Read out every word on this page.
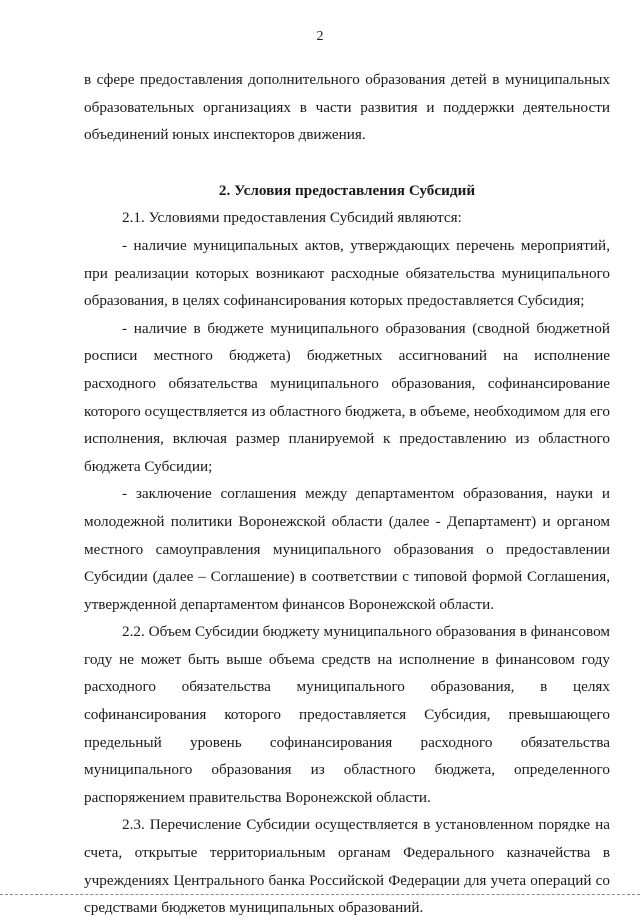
2

в сфере предоставления дополнительного образования детей в муниципальных образовательных организациях в части развития и поддержки деятельности объединений юных инспекторов движения.

2. Условия предоставления Субсидий

2.1. Условиями предоставления Субсидий являются:

- наличие муниципальных актов, утверждающих перечень мероприятий, при реализации которых возникают расходные обязательства муниципального образования, в целях софинансирования которых предоставляется Субсидия;

- наличие в бюджете муниципального образования (сводной бюджетной росписи местного бюджета) бюджетных ассигнований на исполнение расходного обязательства муниципального образования, софинансирование которого осуществляется из областного бюджета, в объеме, необходимом для его исполнения, включая размер планируемой к предоставлению из областного бюджета Субсидии;

- заключение соглашения между департаментом образования, науки и молодежной политики Воронежской области (далее - Департамент) и органом местного самоуправления муниципального образования о предоставлении Субсидии (далее – Соглашение) в соответствии с типовой формой Соглашения, утвержденной департаментом финансов Воронежской области.

2.2. Объем Субсидии бюджету муниципального образования в финансовом году не может быть выше объема средств на исполнение в финансовом году расходного обязательства муниципального образования, в целях софинансирования которого предоставляется Субсидия, превышающего предельный уровень софинансирования расходного обязательства муниципального образования из областного бюджета, определенного распоряжением правительства Воронежской области.

2.3. Перечисление Субсидии осуществляется в установленном порядке на счета, открытые территориальным органам Федерального казначейства в учреждениях Центрального банка Российской Федерации для учета операций со средствами бюджетов муниципальных образований.
